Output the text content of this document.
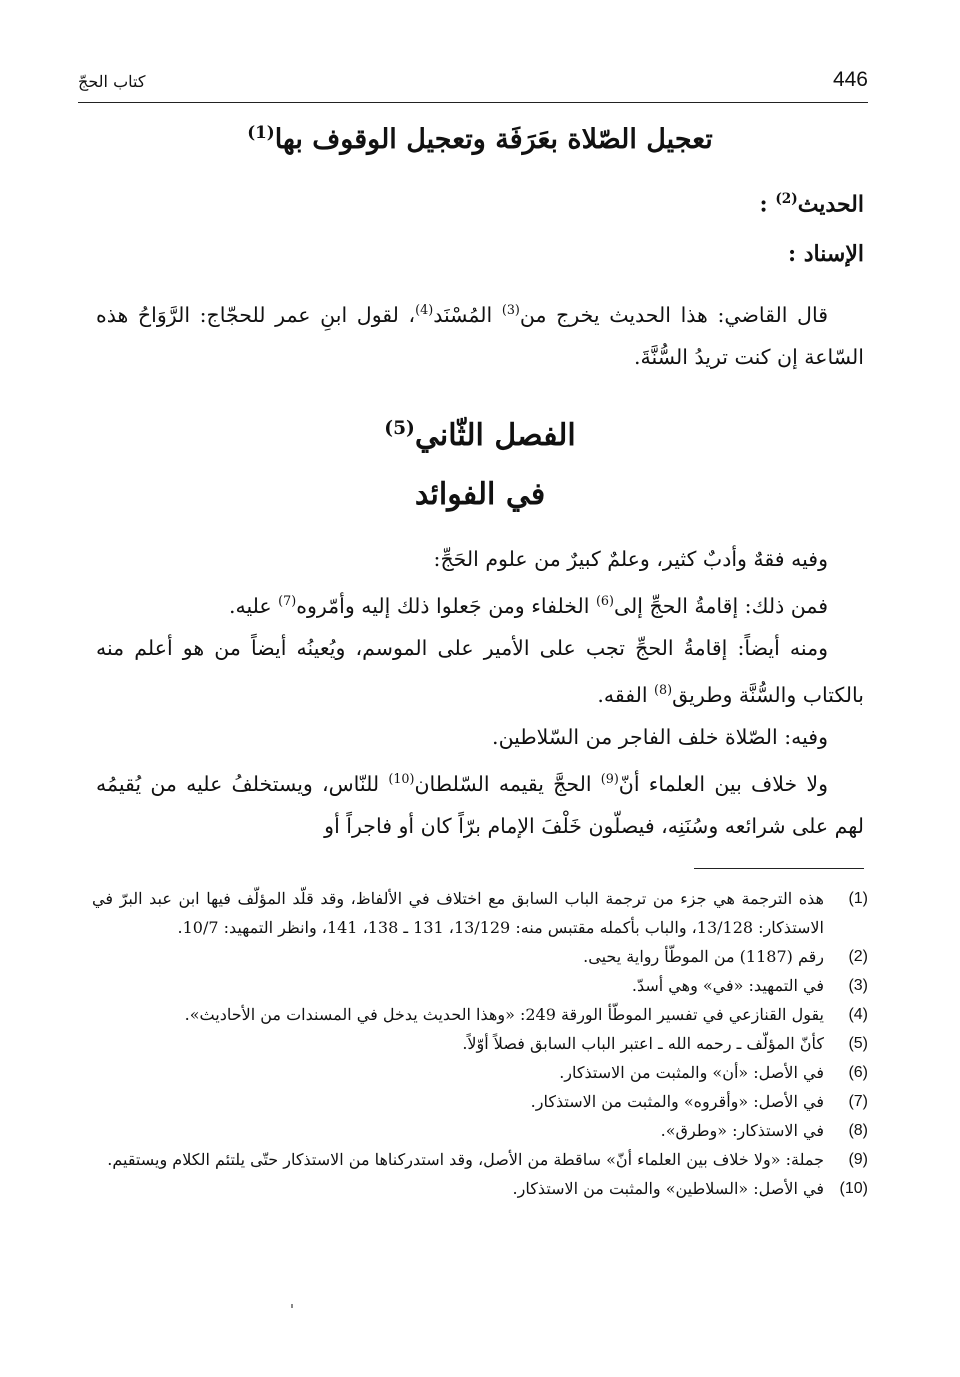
446
كتاب الحجّ
تعجيل الصّلاة بعَرَفَة وتعجيل الوقوف بها$^{(1)}$

الحديث$^{(2)}$ :

الإسناد :

قال القاضي: هذا الحديث يخرج من$^{(3)}$ المُسْنَد$^{(4)}$، لقول ابنِ عمر للحجّاج: الرَّوَاحُ هذه السّاعة إن كنت تريدُ السُّنَّةَ.

الفصل الثّاني$^{(5)}$
في الفوائد

وفيه فقهٌ وأدبٌ كثير، وعلمٌ كبيرٌ من علوم الحَجِّ:

فمن ذلك: إقامةُ الحجِّ إلى$^{(6)}$ الخلفاء ومن جَعلوا ذلك إليه وأمّروه$^{(7)}$ عليه.

ومنه أيضاً: إقامةُ الحجِّ تجب على الأمير على الموسم، ويُعينُه أيضاً من هو أعلم منه بالكتاب والسُّنَّة وطريق$^{(8)}$ الفقه.

وفيه: الصّلاة خلف الفاجر من السّلاطين.

ولا خلاف بين العلماء أنّ$^{(9)}$ الحجَّ يقيمه السّلطان$^{(10)}$ للنّاس، ويستخلفُ عليه من يُقيمُه لهم على شرائعه وسُنَنِه، فيصلّون خَلْفَ الإمام برّاً كان أو فاجراً أو

(1)
هذه الترجمة هي جزء من ترجمة الباب السابق مع اختلاف في الألفاظ، وقد قلّد المؤلّف فيها ابن عبد البرّ في الاستذكار: 13/128، والباب بأكمله مقتبس منه: 13/129، 131 ـ 138، 141، وانظر التمهيد: 10/7.
(2)
رقم (1187) من الموطّأ رواية يحيى.
(3)
في التمهيد: «في» وهي أسدّ.
(4)
يقول القنازعي في تفسير الموطّأ الورقة 249: «وهذا الحديث يدخل في المسندات من الأحاديث».
(5)
كأنّ المؤلّف ـ رحمه الله ـ اعتبر الباب السابق فصلاً أوّلاً.
(6)
في الأصل: «أن» والمثبت من الاستذكار.
(7)
في الأصل: «وأقروه» والمثبت من الاستذكار.
(8)
في الاستذكار: «وطرق».
(9)
جملة: «ولا خلاف بين العلماء أنّ» ساقطة من الأصل، وقد استدركناها من الاستذكار حتّى يلتئم الكلام ويستقيم.
(10)
في الأصل: «السلاطين» والمثبت من الاستذكار.
